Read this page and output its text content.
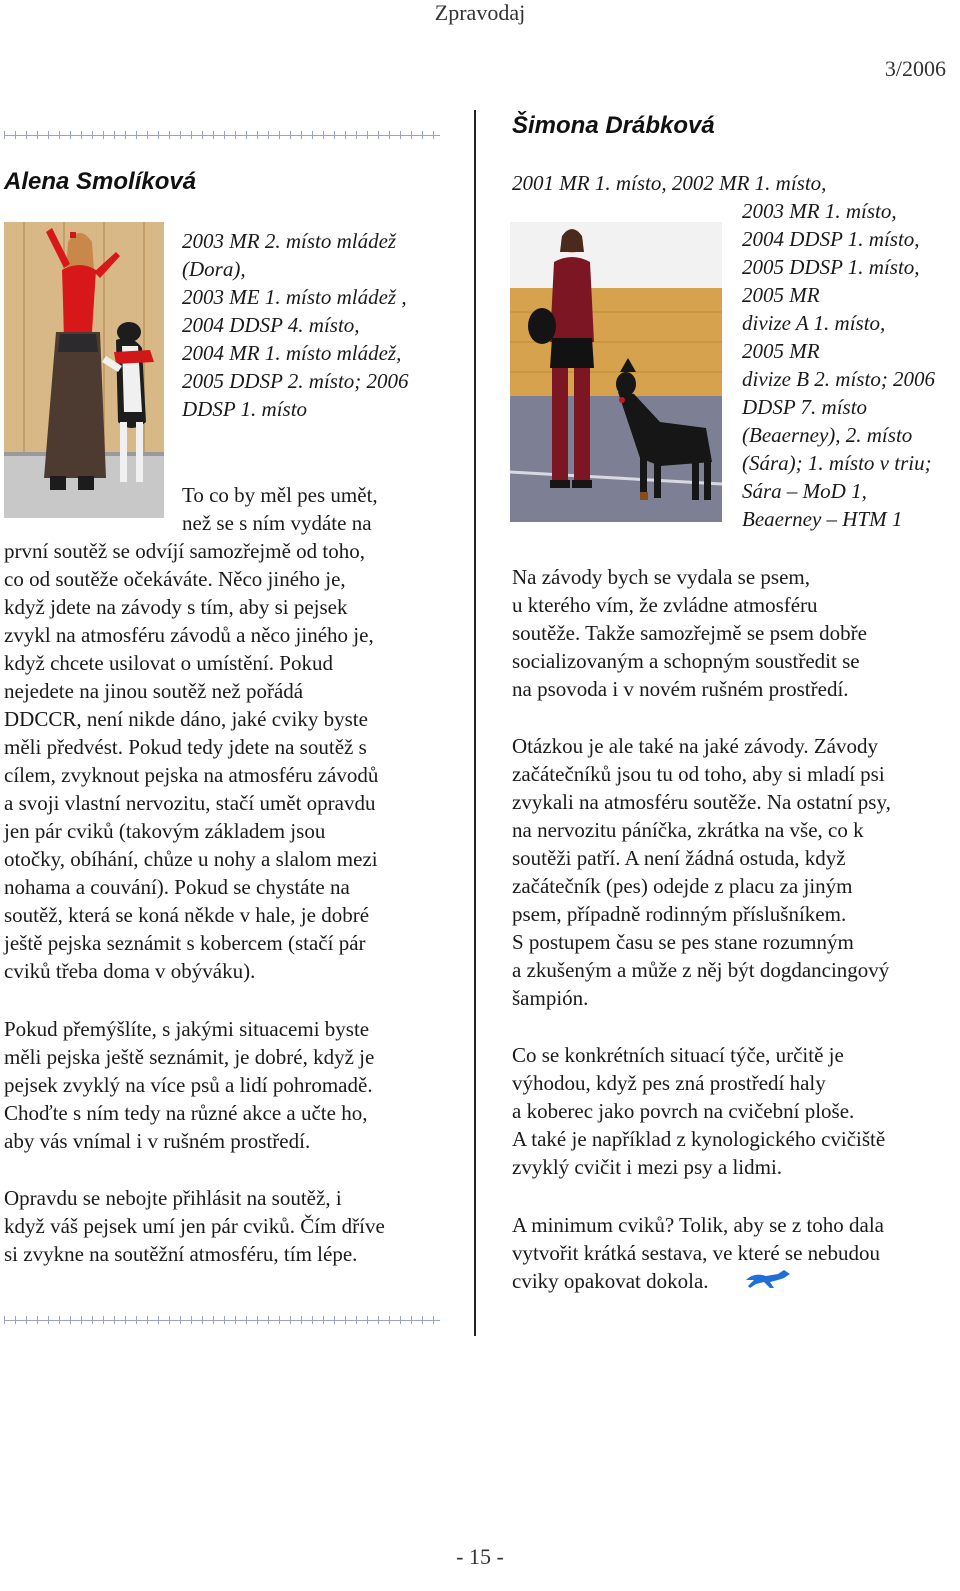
Zpravodaj
3/2006
Alena Smolíková
2003 MR 2. místo mládež
(Dora),
2003 ME 1. místo mládež ,
2004 DDSP 4. místo,
2004 MR 1. místo mládež,
2005 DDSP 2. místo; 2006
DDSP 1. místo
To co by měl pes umět,
než se s ním vydáte na
první soutěž se odvíjí samozřejmě od toho,
co od soutěže očekáváte. Něco jiného je,
když jdete na závody s tím, aby si pejsek
zvykl na atmosféru závodů a něco jiného je,
když chcete usilovat o umístění. Pokud
nejedete na jinou soutěž než pořádá
DDCCR, není nikde dáno, jaké cviky byste
měli předvést. Pokud tedy jdete na soutěž s
cílem, zvyknout pejska na atmosféru závodů
a svoji vlastní nervozitu, stačí umět opravdu
jen pár cviků (takovým základem jsou
otočky, obíhání, chůze u nohy a slalom mezi
nohama a couvání). Pokud se chystáte na
soutěž, která se koná někde v hale, je dobré
ještě pejska seznámit s kobercem (stačí pár
cviků třeba doma v obýváku).
Pokud přemýšlíte, s jakými situacemi byste
měli pejska ještě seznámit, je dobré, když je
pejsek zvyklý na více psů a lidí pohromadě.
Choďte s ním tedy na různé akce a učte ho,
aby vás vnímal i v rušném prostředí.
Opravdu se nebojte přihlásit na soutěž, i
když váš pejsek umí jen pár cviků. Čím dříve
si zvykne na soutěžní atmosféru, tím lépe.
Šimona Drábková
2001 MR 1. místo, 2002 MR 1. místo,
2003 MR 1. místo,
2004 DDSP 1. místo,
2005 DDSP 1. místo,
2005 MR
divize A 1. místo,
2005 MR
divize B 2. místo; 2006
DDSP 7. místo
(Beaerney), 2. místo
(Sára); 1. místo v triu;
Sára – MoD 1,
Beaerney – HTM 1
Na závody bych se vydala se psem,
u kterého vím, že zvládne atmosféru
soutěže. Takže samozřejmě se psem dobře
socializovaným a schopným soustředit se
na psovoda i v novém rušném prostředí.
Otázkou je ale také na jaké závody. Závody
začátečníků jsou tu od toho, aby si mladí psi
zvykali na atmosféru soutěže. Na ostatní psy,
na nervozitu páníčka, zkrátka na vše, co k
soutěži patří. A není žádná ostuda, když
začátečník (pes) odejde z placu za jiným
psem, případně rodinným příslušníkem.
S postupem času se pes stane rozumným
a zkušeným a může z něj být dogdancingový
šampión.
Co se konkrétních situací týče, určitě je
výhodou, když pes zná prostředí haly
a koberec jako povrch na cvičební ploše.
A také je například z kynologického cvičiště
zvyklý cvičit i mezi psy a lidmi.
A minimum cviků? Tolik, aby se z toho dala
vytvořit krátká sestava, ve které se nebudou
cviky opakovat dokola.
- 15 -
